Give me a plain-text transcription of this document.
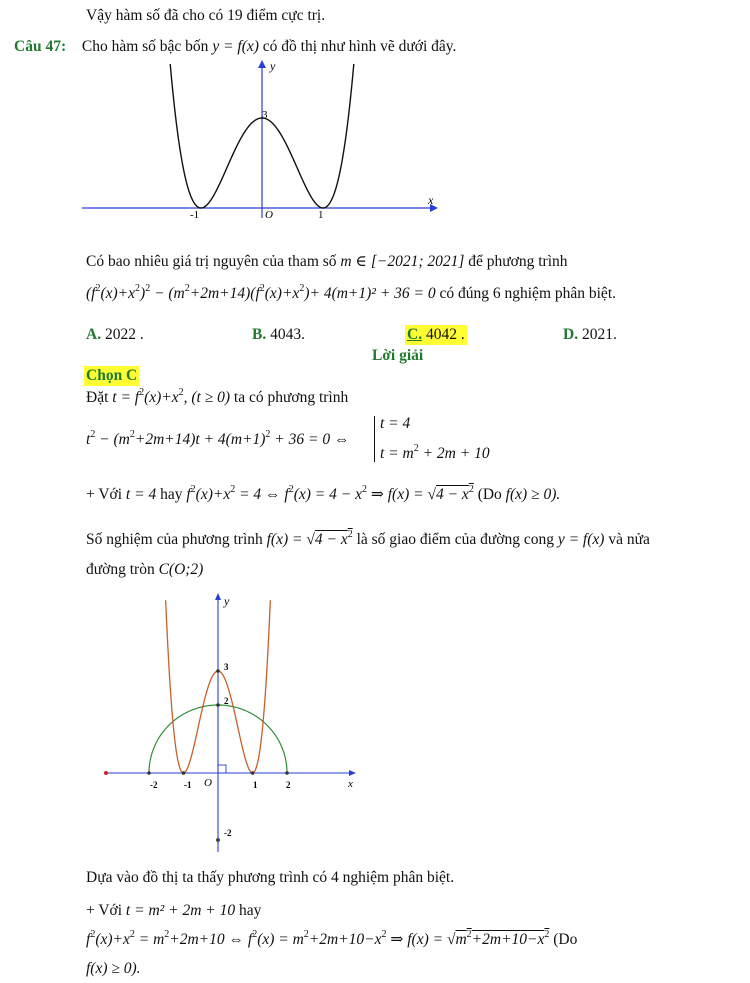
Vậy hàm số đã cho có 19 điểm cực trị.
Câu 47: Cho hàm số bậc bốn y = f(x) có đồ thị như hình vẽ dưới đây.
x
y
3
O
-1	1
Có bao nhiêu giá trị nguyên của tham số m ∈ [−2021; 2021] để phương trình
$(f^2(x)+x^2)^2 - (m^2+2m+14)(f^2(x)+x^2)+ 4(m+1)^2 + 36 = 0$ có đúng 6 nghiệm phân biệt.
A. 2022 .	B. 4043.	C. 4042 .	D. 2021.
Lời giải
Chọn C
Đặt $t = f^2(x)+x^2$, (t ≥ 0) ta có phương trình
$t^2 - (m^2+2m+14)t + 4(m+1)^2 + 36 = 0$ ⇔
t = 4
$t = m^2 + 2m + 10$
+ Với t = 4 hay $f^2(x)+x^2 = 4$ ⇔ $f^2(x) = 4 - x^2$ ⇒ $f(x) = √4 - x^2$ (Do f(x) ≥ 0).
Số nghiệm của phương trình $f(x) = √4 - x^2$ là số giao điểm của đường cong y = f(x) và nửa
đường tròn C(O;2)
x
y
O
-2	-1	1	2
3
2
-2
Dựa vào đồ thị ta thấy phương trình có 4 nghiệm phân biệt.
+ Với t = m² + 2m + 10 hay
$f^2(x)+x^2 = m^2+2m+10$ ⇔ $f^2(x) = m^2+2m+10-x^2$ ⇒ $f(x) = √m^2+2m+10-x^2$ (Do
f(x) ≥ 0).
